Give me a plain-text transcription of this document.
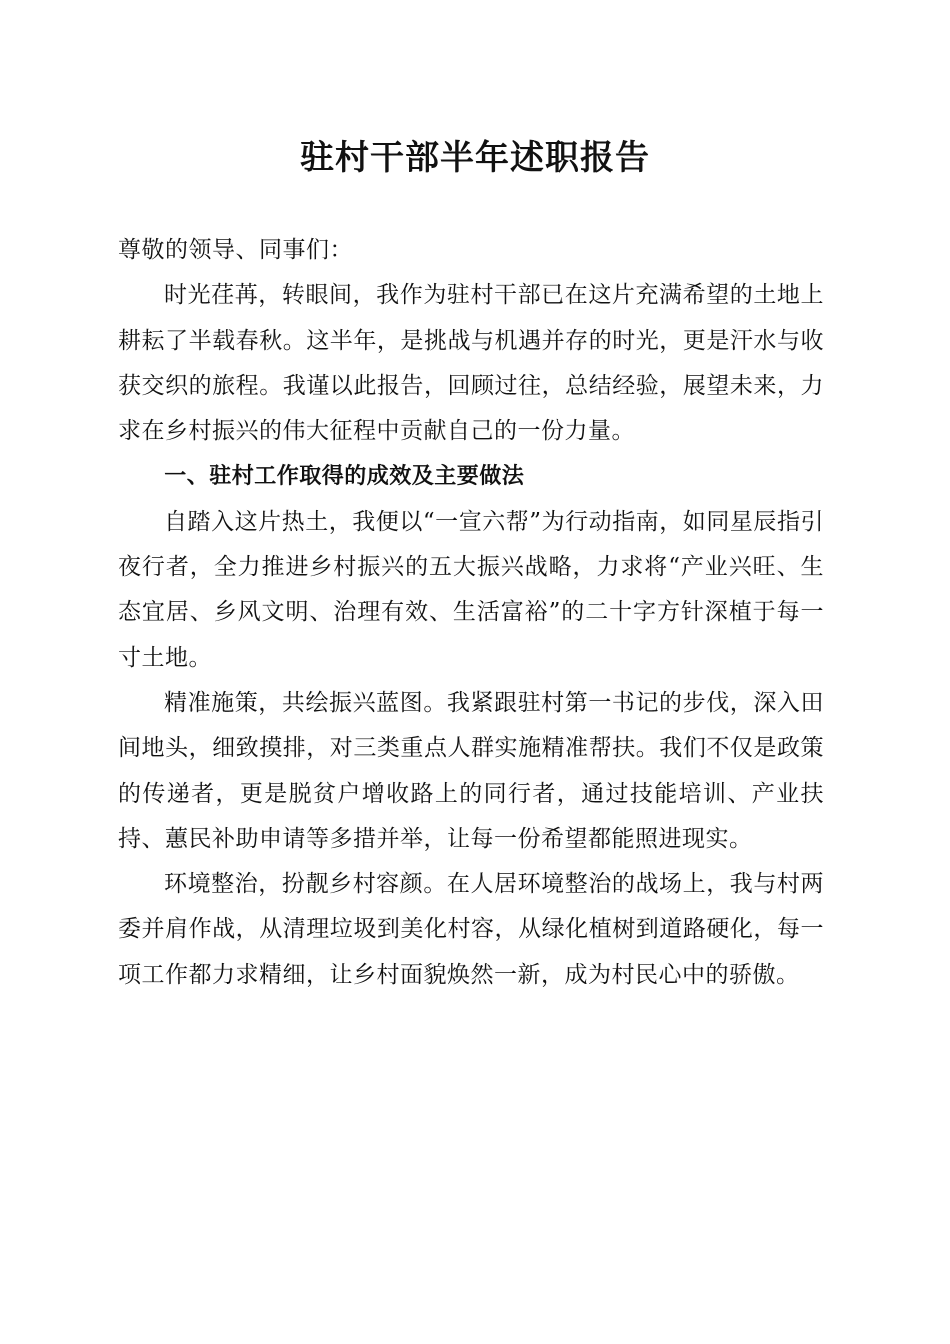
驻村干部半年述职报告

尊敬的领导、同事们：

时光荏苒，转眼间，我作为驻村干部已在这片充满希望的土地上耕耘了半载春秋。这半年，是挑战与机遇并存的时光，更是汗水与收获交织的旅程。我谨以此报告，回顾过往，总结经验，展望未来，力求在乡村振兴的伟大征程中贡献自己的一份力量。

一、驻村工作取得的成效及主要做法

自踏入这片热土，我便以“一宣六帮”为行动指南，如同星辰指引夜行者，全力推进乡村振兴的五大振兴战略，力求将“产业兴旺、生态宜居、乡风文明、治理有效、生活富裕”的二十字方针深植于每一寸土地。

精准施策，共绘振兴蓝图。我紧跟驻村第一书记的步伐，深入田间地头，细致摸排，对三类重点人群实施精准帮扶。我们不仅是政策的传递者，更是脱贫户增收路上的同行者，通过技能培训、产业扶持、蕙民补助申请等多措并举，让每一份希望都能照进现实。

环境整治，扮靓乡村容颜。在人居环境整治的战场上，我与村两委并肩作战，从清理垃圾到美化村容，从绿化植树到道路硬化，每一项工作都力求精细，让乡村面貌焕然一新，成为村民心中的骄傲。
